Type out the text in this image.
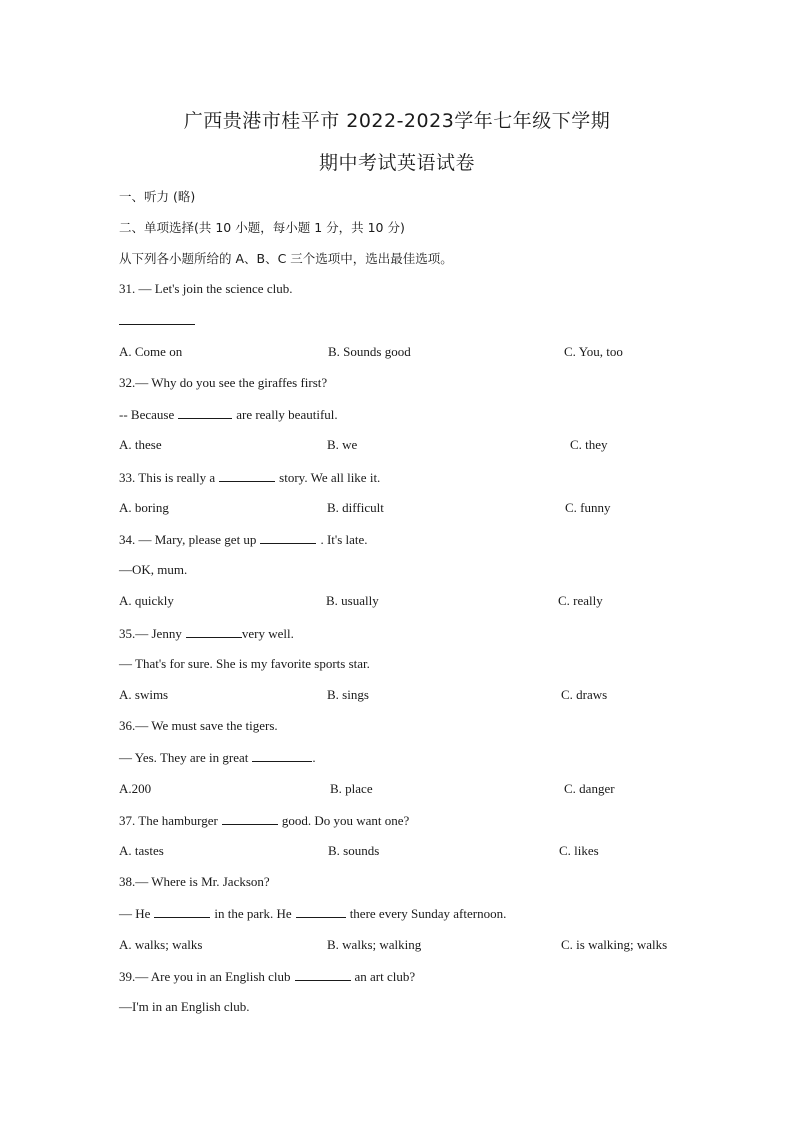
广西贵港市桂平市 2022-2023学年七年级下学期
期中考试英语试卷
一、听力 (略)
二、单项选择(共 10 小题，每小题 1 分，共 10 分)
从下列各小题所给的 A、B、C 三个选项中，选出最佳选项。
31. — Let's join the science club.
A. Come on	B. Sounds good	C. You, too
32.— Why do you see the giraffes first?
-- Because	are really beautiful.
A. these	B. we	C. they
33. This is really a	story. We all like it.
A. boring	B. difficult	C. funny
34. — Mary, please get up	. It's late.
—OK, mum.
A. quickly	B. usually	C. really
35.— Jenny	very well.
— That's for sure. She is my favorite sports star.
A. swims	B. sings	C. draws
36.— We must save the tigers.
— Yes. They are in great	.
A.200	B. place	C. danger
37. The hamburger	good. Do you want one?
A. tastes	B. sounds	C. likes
38.— Where is Mr. Jackson?
— He	in the park. He	there every Sunday afternoon.
A. walks; walks	B. walks; walking	C. is walking; walks
39.— Are you in an English club	an art club?
—I'm in an English club.
